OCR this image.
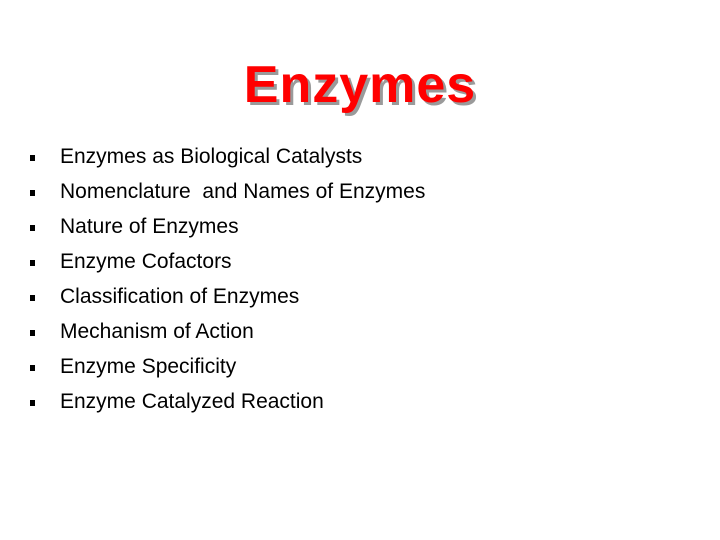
Enzymes
Enzymes as Biological Catalysts
Nomenclature  and Names of Enzymes
Nature of Enzymes
Enzyme Cofactors
Classification of Enzymes
Mechanism of Action
Enzyme Specificity
Enzyme Catalyzed Reaction
